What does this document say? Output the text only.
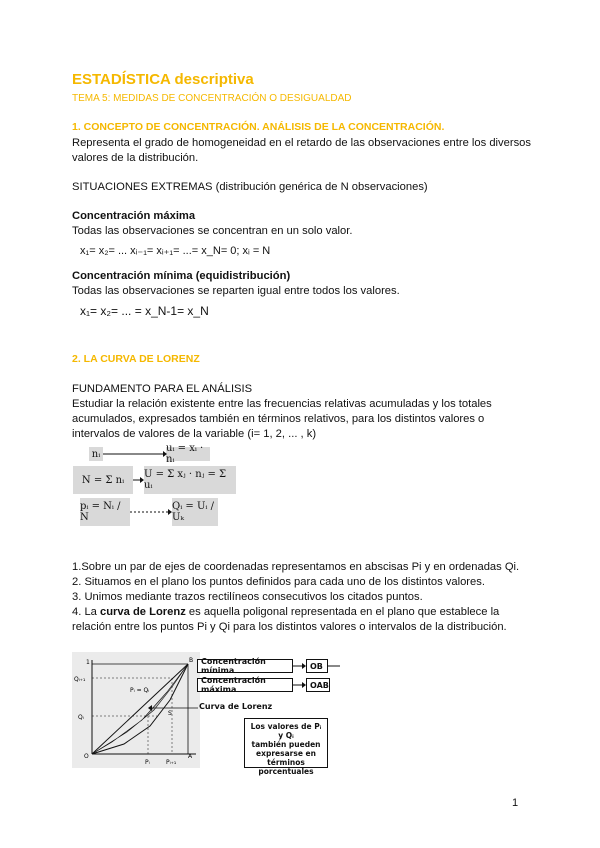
ESTADÍSTICA descriptiva
TEMA 5: MEDIDAS DE CONCENTRACIÓN O DESIGUALDAD
1. CONCEPTO DE CONCENTRACIÓN. ANÁLISIS DE LA CONCENTRACIÓN.
Representa el grado de homogeneidad en el retardo de las observaciones entre los diversos
valores de la distribución.
SITUACIONES EXTREMAS (distribución genérica de N observaciones)
Concentración máxima
Todas las observaciones se concentran en un solo valor.
x₁= x₂= ... xᵢ₋₁= xᵢ₊₁= ...= x_N= 0; xᵢ = N
Concentración mínima (equidistribución)
Todas las observaciones se reparten igual entre todos los valores.
x₁= x₂= ... = x_N-1= x_N
2. LA CURVA DE LORENZ
FUNDAMENTO PARA EL ANÁLISIS
Estudiar la relación existente entre las frecuencias relativas acumuladas y los totales
acumulados, expresados también en términos relativos, para los distintos valores o
intervalos de valores de la variable (i= 1, 2, ... , k)
nᵢ	uᵢ = xᵢ · nᵢ
N = Σ nᵢ	U = Σ xⱼ · nⱼ = Σ uᵢ
pᵢ = Nᵢ / N
Qᵢ = Uᵢ / Uₖ
1.Sobre un par de ejes de coordenadas representamos en abscisas Pi y en ordenadas Qi.
2. Situamos en el plano los puntos definidos para cada uno de los distintos valores.
3. Unimos mediante trazos rectilíneos consecutivos los citados puntos.
4. La curva de Lorenz es aquella poligonal representada en el plano que establece la
relación entre los puntos Pi y Qi para los distintos valores o intervalos de la distribución.
1
Qᵢ₊₁
Qᵢ
O	A
B
Pᵢ	Pᵢ₊₁
Pᵢ = Qᵢ
S
Concentración mínima	OB
Concentración máxima	OAB
Curva de Lorenz
Los valores de Pᵢ y Qᵢ
también pueden
expresarse en
términos
porcentuales
1
